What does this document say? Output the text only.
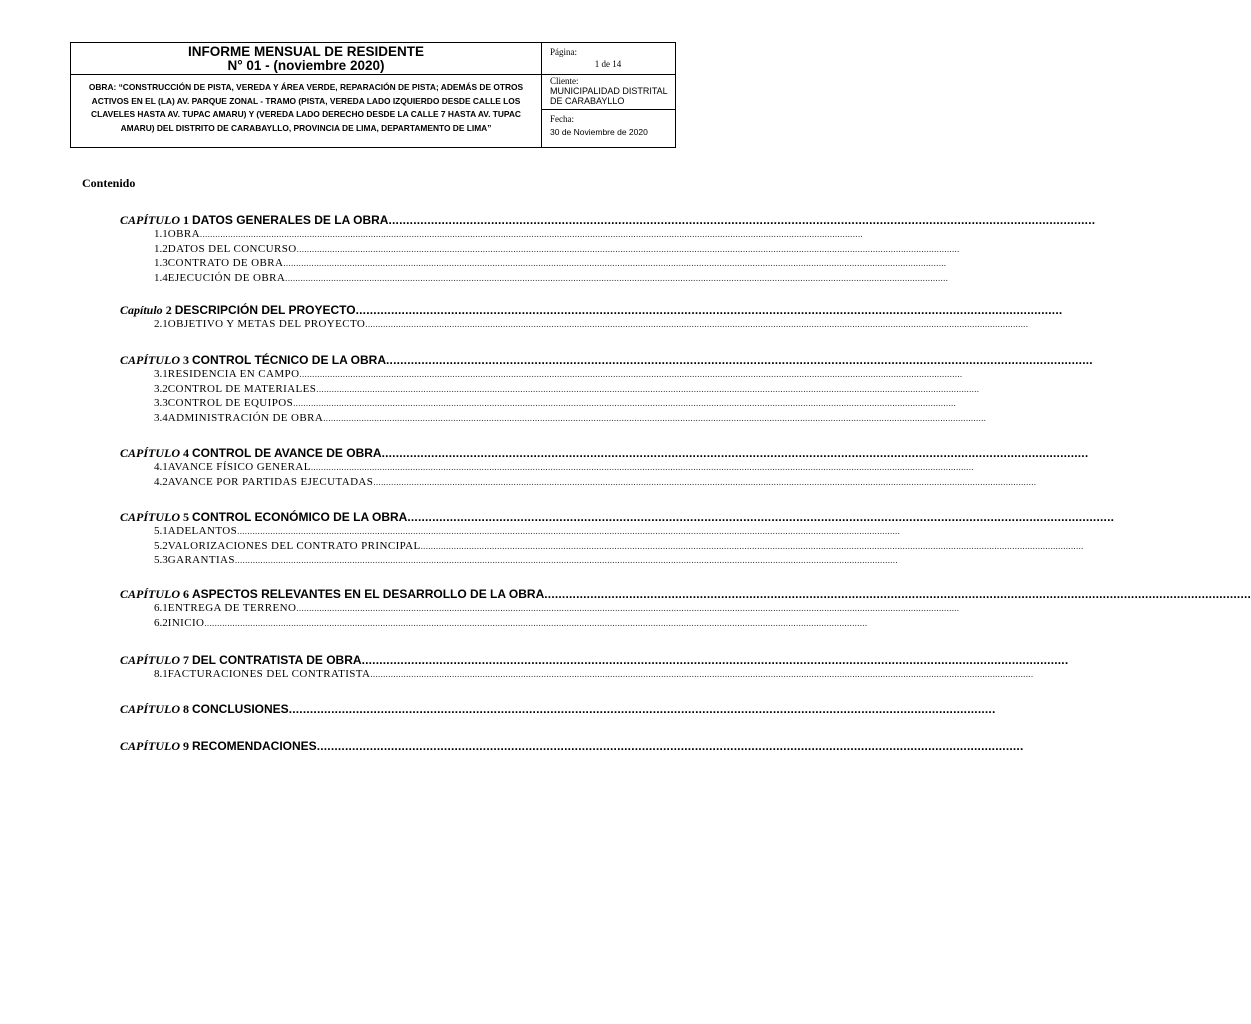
INFORME MENSUAL DE RESIDENTE
N° 01 - (noviembre 2020)
OBRA: “CONSTRUCCIÓN DE PISTA, VEREDA Y ÁREA VERDE, REPARACIÓN DE PISTA; ADEMÁS DE OTROS ACTIVOS EN EL (LA) AV. PARQUE ZONAL - TRAMO (PISTA, VEREDA LADO IZQUIERDO DESDE CALLE LOS CLAVELES HASTA AV. TUPAC AMARU) Y (VEREDA LADO DERECHO DESDE LA CALLE 7 HASTA AV. TUPAC AMARU) DEL DISTRITO DE CARABAYLLO, PROVINCIA DE LIMA, DEPARTAMENTO DE LIMA”
Página:
1 de 14
Cliente:
MUNICIPALIDAD DISTRITAL
DE CARABAYLLO
Fecha:
30 de Noviembre de 2020
Contenido
CAPÍTULO 1 DATOS GENERALES DE LA OBRA ........................................................................................................................................................................................................
1.1 OBRA ....................................................................................................................................................................................................................................................................
1.2 DATOS DEL CONCURSO ....................................................................................................................................................................................................................................................................
1.3 CONTRATO DE OBRA ....................................................................................................................................................................................................................................................................
1.4 EJECUCIÓN DE OBRA ....................................................................................................................................................................................................................................................................
Capítulo 2 DESCRIPCIÓN DEL PROYECTO ........................................................................................................................................................................................................
2.1 OBJETIVO Y METAS DEL PROYECTO ....................................................................................................................................................................................................................................................................
CAPÍTULO 3 CONTROL TÉCNICO DE LA OBRA ........................................................................................................................................................................................................
3.1 RESIDENCIA EN CAMPO ....................................................................................................................................................................................................................................................................
3.2 CONTROL DE MATERIALES ....................................................................................................................................................................................................................................................................
3.3 CONTROL DE EQUIPOS ....................................................................................................................................................................................................................................................................
3.4 ADMINISTRACIÓN DE OBRA ....................................................................................................................................................................................................................................................................
CAPÍTULO 4 CONTROL DE AVANCE DE OBRA ........................................................................................................................................................................................................
4.1 AVANCE FÍSICO GENERAL ....................................................................................................................................................................................................................................................................
4.2 AVANCE POR PARTIDAS EJECUTADAS ....................................................................................................................................................................................................................................................................
CAPÍTULO 5 CONTROL ECONÓMICO DE LA OBRA ........................................................................................................................................................................................................
5.1 ADELANTOS ....................................................................................................................................................................................................................................................................
5.2 VALORIZACIONES DEL CONTRATO PRINCIPAL ....................................................................................................................................................................................................................................................................
5.3 GARANTIAS ....................................................................................................................................................................................................................................................................
CAPÍTULO 6 ASPECTOS RELEVANTES EN EL DESARROLLO DE LA OBRA ........................................................................................................................................................................................................
6.1 ENTREGA DE TERRENO ....................................................................................................................................................................................................................................................................
6.2 INICIO ....................................................................................................................................................................................................................................................................
CAPÍTULO 7 DEL CONTRATISTA DE OBRA ........................................................................................................................................................................................................
8.1 FACTURACIONES DEL CONTRATISTA ....................................................................................................................................................................................................................................................................
CAPÍTULO 8 CONCLUSIONES ........................................................................................................................................................................................................
CAPÍTULO 9 RECOMENDACIONES ........................................................................................................................................................................................................
